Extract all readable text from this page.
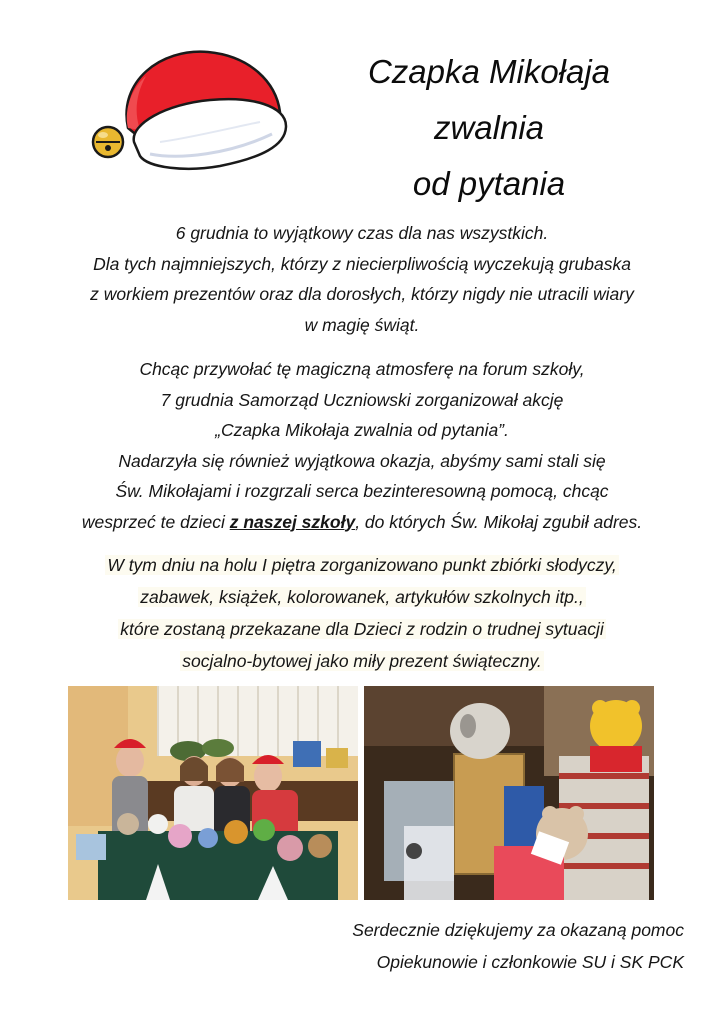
Czapka Mikołaja
zwalnia
od pytania
6 grudnia to wyjątkowy czas dla nas wszystkich.
Dla tych najmniejszych, którzy z niecierpliwością wyczekują grubaska
z workiem prezentów oraz dla dorosłych, którzy nigdy nie utracili wiary
w magię świąt.
Chcąc przywołać tę magiczną atmosferę na forum szkoły,
7 grudnia Samorząd Uczniowski zorganizował akcję
„Czapka Mikołaja zwalnia od pytania”.
Nadarzyła się również wyjątkowa okazja, abyśmy sami stali się
Św. Mikołajami i rozgrzali serca bezinteresowną pomocą, chcąc
wesprzeć te dzieci z naszej szkoły, do których Św. Mikołaj zgubił adres.
W tym dniu na holu I piętra zorganizowano punkt zbiórki słodyczy,
zabawek, książek, kolorowanek, artykułów szkolnych itp.,
które zostaną przekazane dla Dzieci z rodzin o trudnej sytuacji
socjalno-bytowej jako miły prezent świąteczny.
Serdecznie dziękujemy za okazaną pomoc
Opiekunowie i członkowie SU i SK PCK
